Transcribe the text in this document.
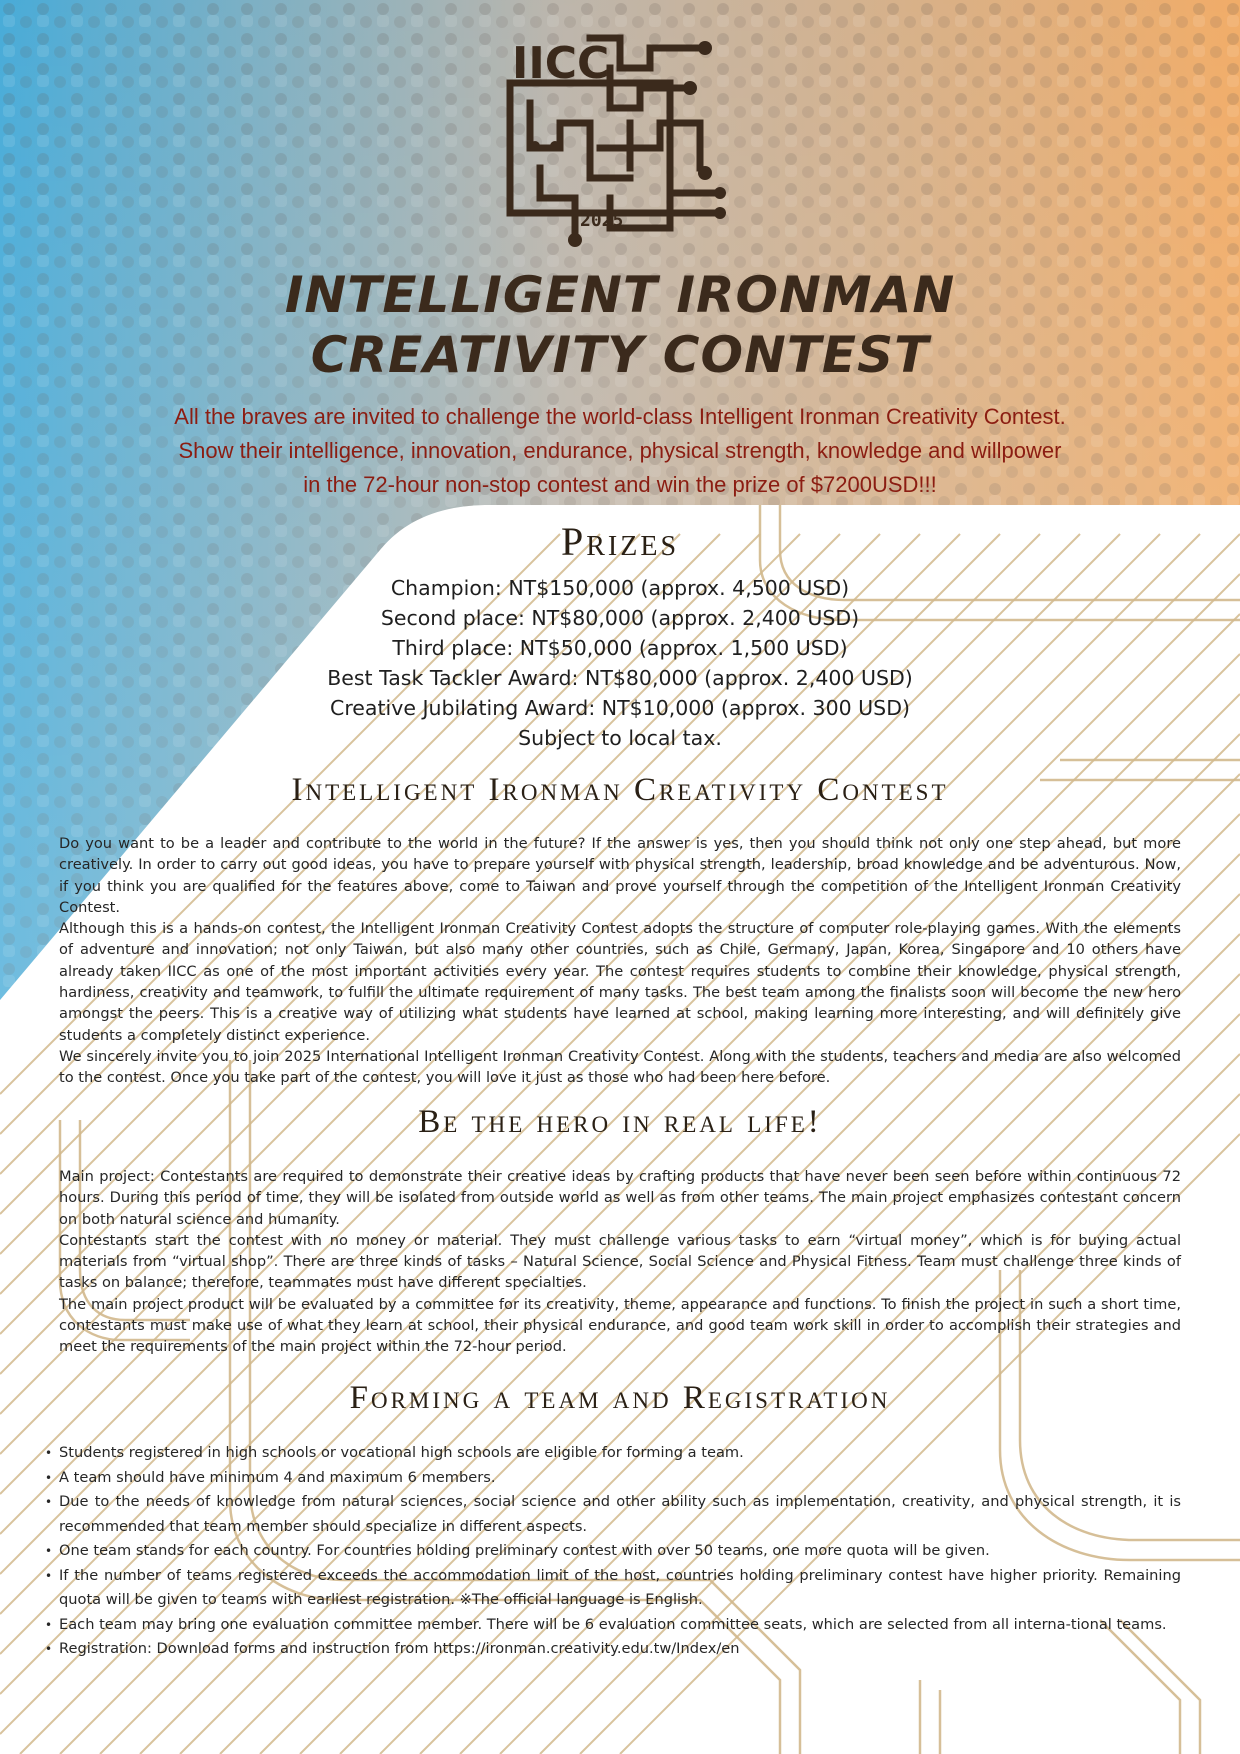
IICC
2025
INTELLIGENT IRONMAN
CREATIVITY CONTEST
All the braves are invited to challenge the world-class Intelligent Ironman Creativity Contest.
Show their intelligence, innovation, endurance, physical strength, knowledge and willpower
in the 72-hour non-stop contest and win the prize of $7200USD!!!
Prizes
Champion: NT$150,000 (approx. 4,500 USD)
Second place: NT$80,000 (approx. 2,400 USD)
Third place: NT$50,000 (approx. 1,500 USD)
Best Task Tackler Award: NT$80,000 (approx. 2,400 USD)
Creative Jubilating Award: NT$10,000 (approx. 300 USD)
Subject to local tax.
Intelligent Ironman Creativity Contest

Do you want to be a leader and contribute to the world in the future? If the answer is yes, then you should think not only one step ahead, but more creatively. In order to carry out good ideas, you have to prepare yourself with physical strength, leadership, broad knowledge and be adventurous. Now, if you think you are qualified for the features above, come to Taiwan and prove yourself through the competition of the Intelligent Ironman Creativity Contest.

Although this is a hands-on contest, the Intelligent Ironman Creativity Contest adopts the structure of computer role-playing games. With the elements of adventure and innovation; not only Taiwan, but also many other countries, such as Chile, Germany, Japan, Korea, Singapore and 10 others have already taken IICC as one of the most important activities every year. The contest requires students to combine their knowledge, physical strength, hardiness, creativity and teamwork, to fulfill the ultimate requirement of many tasks. The best team among the finalists soon will become the new hero amongst the peers. This is a creative way of utilizing what students have learned at school, making learning more interesting, and will definitely give students a completely distinct experience.

We sincerely invite you to join 2025 International Intelligent Ironman Creativity Contest. Along with the students, teachers and media are also welcomed to the contest. Once you take part of the contest, you will love it just as those who had been here before.

Be the hero in real life!

Main project: Contestants are required to demonstrate their creative ideas by crafting products that have never been seen before within continuous 72 hours. During this period of time, they will be isolated from outside world as well as from other teams. The main project emphasizes contestant concern on both natural science and humanity.

Contestants start the contest with no money or material. They must challenge various tasks to earn “virtual money”, which is for buying actual materials from “virtual shop”. There are three kinds of tasks – Natural Science, Social Science and Physical Fitness. Team must challenge three kinds of tasks on balance; therefore, teammates must have different specialties.

The main project product will be evaluated by a committee for its creativity, theme, appearance and functions. To finish the project in such a short time, contestants must make use of what they learn at school, their physical endurance, and good team work skill in order to accomplish their strategies and meet the requirements of the main project within the 72-hour period.

Forming a team and Registration
• Students registered in high schools or vocational high schools are eligible for forming a team.
• A team should have minimum 4 and maximum 6 members.
• Due to the needs of knowledge from natural sciences, social science and other ability such as implementation, creativity, and physical strength, it is recommended that team member should specialize in different aspects.
• One team stands for each country. For countries holding preliminary contest with over 50 teams, one more quota will be given.
• If the number of teams registered exceeds the accommodation limit of the host, countries holding preliminary contest have higher priority. Remaining quota will be given to teams with earliest registration. ※The official language is English.
• Each team may bring one evaluation committee member. There will be 6 evaluation committee seats, which are selected from all interna-tional teams.
• Registration: Download forms and instruction from https://ironman.creativity.edu.tw/Index/en
